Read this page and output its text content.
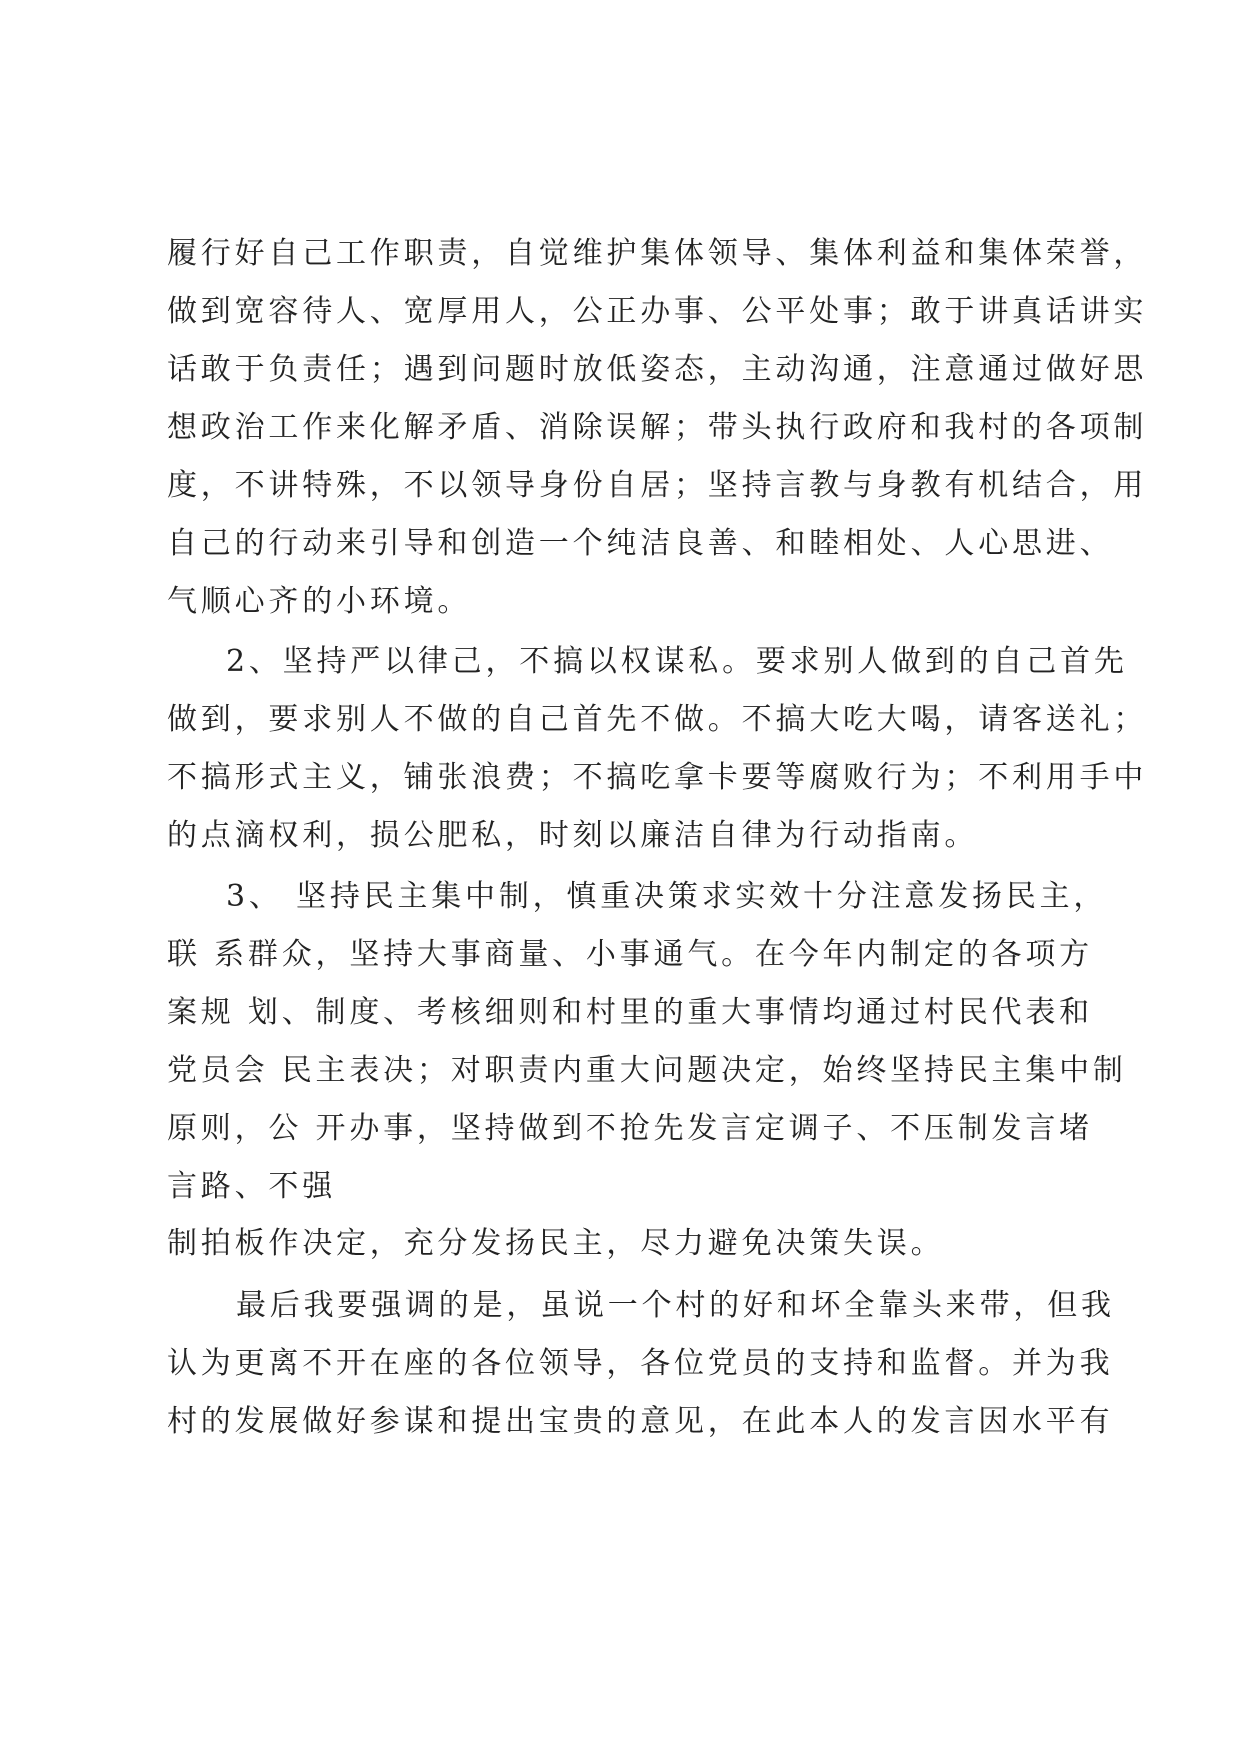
履行好自己工作职责，自觉维护集体领导、集体利益和集体荣誉，
做到宽容待人、宽厚用人，公正办事、公平处事；敢于讲真话讲实
话敢于负责任；遇到问题时放低姿态，主动沟通，注意通过做好思
想政治工作来化解矛盾、消除误解；带头执行政府和我村的各项制
度，不讲特殊，不以领导身份自居；坚持言教与身教有机结合，用
自己的行动来引导和创造一个纯洁良善、和睦相处、人心思进、
气顺心齐的小环境。
2、坚持严以律己，不搞以权谋私。要求别人做到的自己首先
做到，要求别人不做的自己首先不做。不搞大吃大喝，请客送礼；
不搞形式主义，铺张浪费；不搞吃拿卡要等腐败行为；不利用手中
的点滴权利，损公肥私，时刻以廉洁自律为行动指南。
3、 坚持民主集中制，慎重决策求实效十分注意发扬民主，
联 系群众，坚持大事商量、小事通气。在今年内制定的各项方
案规 划、制度、考核细则和村里的重大事情均通过村民代表和
党员会 民主表决；对职责内重大问题决定，始终坚持民主集中制
原则，公 开办事，坚持做到不抢先发言定调子、不压制发言堵
言路、不强
制拍板作决定，充分发扬民主，尽力避免决策失误。
最后我要强调的是，虽说一个村的好和坏全靠头来带，但我
认为更离不开在座的各位领导，各位党员的支持和监督。并为我
村的发展做好参谋和提出宝贵的意见，在此本人的发言因水平有
